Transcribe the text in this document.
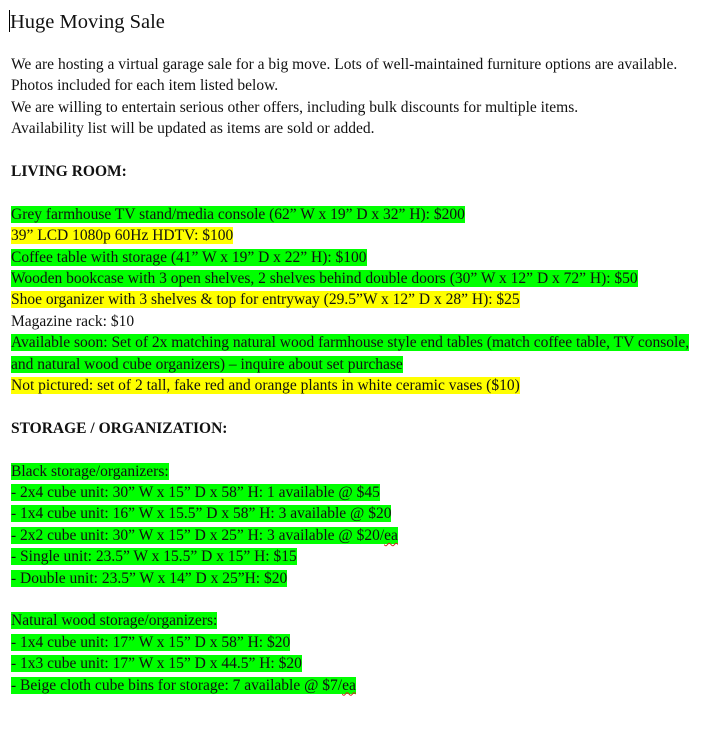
Huge Moving Sale

We are hosting a virtual garage sale for a big move. Lots of well-maintained furniture options are available. Photos included for each item listed below.

We are willing to entertain serious other offers, including bulk discounts for multiple items.

Availability list will be updated as items are sold or added.

LIVING ROOM:

Grey farmhouse TV stand/media console (62” W x 19” D x 32” H): $200

39” LCD 1080p 60Hz HDTV: $100

Coffee table with storage (41” W x 19” D x 22” H): $100

Wooden bookcase with 3 open shelves, 2 shelves behind double doors (30” W x 12” D x 72” H): $50

Shoe organizer with 3 shelves & top for entryway (29.5”W x 12” D x 28” H): $25

Magazine rack: $10

Available soon: Set of 2x matching natural wood farmhouse style end tables (match coffee table, TV console, and natural wood cube organizers) – inquire about set purchase

Not pictured: set of 2 tall, fake red and orange plants in white ceramic vases ($10)

STORAGE / ORGANIZATION:

Black storage/organizers:

- 2x4 cube unit: 30” W x 15” D x 58” H: 1 available @ $45

- 1x4 cube unit: 16” W x 15.5” D x 58” H: 3 available @ $20

- 2x2 cube unit: 30” W x 15” D x 25” H: 3 available @ $20/ea

- Single unit: 23.5” W x 15.5” D x 15” H: $15

- Double unit: 23.5” W x 14” D x 25”H: $20

Natural wood storage/organizers:

- 1x4 cube unit: 17” W x 15” D x 58” H: $20

- 1x3 cube unit: 17” W x 15” D x 44.5” H: $20

- Beige cloth cube bins for storage: 7 available @ $7/ea
